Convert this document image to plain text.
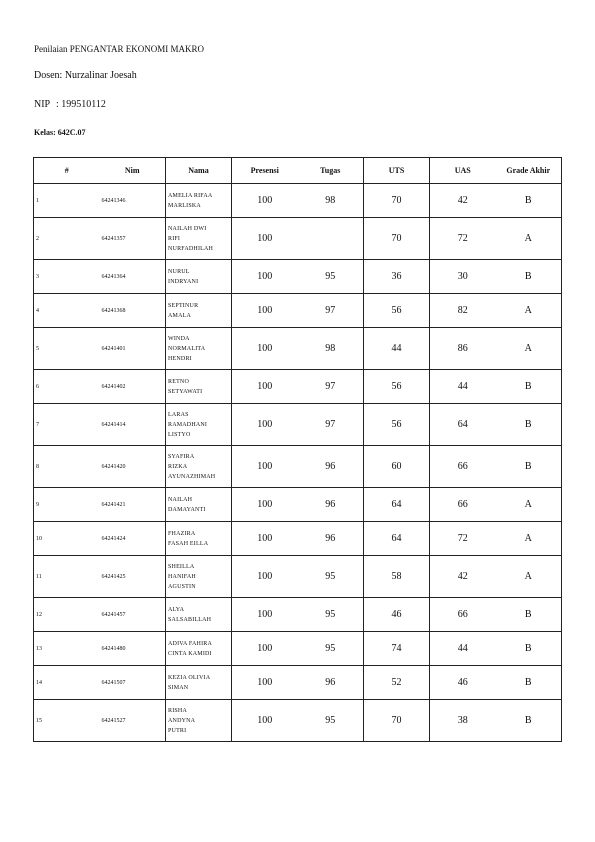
Penilaian PENGANTAR EKONOMI MAKRO
Dosen: Nurzalinar Joesah
NIP : 199510112
Kelas: 642C.07
#	Nim	Nama	Presensi	Tugas	UTS	UAS	Grade Akhir
1	64241346	AMELIA RIFAA
MARLISKA	100	98	70	42	B
2	64241357	NAILAH DWI
RIFI
NURFADHILAH	100		70	72	A
3	64241364	NURUL
INDRYANI	100	95	36	30	B
4	64241368	SEPTINUR
AMALA	100	97	56	82	A
5	64241401	WINDA
NORMALITA
HENDRI	100	98	44	86	A
6	64241402	RETNO
SETYAWATI	100	97	56	44	B
7	64241414	LARAS
RAMADHANI
LISTYO	100	97	56	64	B
8	64241420	SYAFIRA
RIZKA
AYUNAZHIMAH	100	96	60	66	B
9	64241421	NAILAH
DAMAYANTI	100	96	64	66	A
10	64241424	FHAZIRA
FASAH EILLA	100	96	64	72	A
11	64241425	SHEILLA
HANIFAH
AGUSTIN	100	95	58	42	A
12	64241457	ALYA
SALSABILLAH	100	95	46	66	B
13	64241480	ADIVA FAHIRA
CINTA KAMIDI	100	95	74	44	B
14	64241507	KEZIA OLIVIA
SIMAN	100	96	52	46	B
15	64241527	RISHA
ANDYNA
PUTRI	100	95	70	38	B
